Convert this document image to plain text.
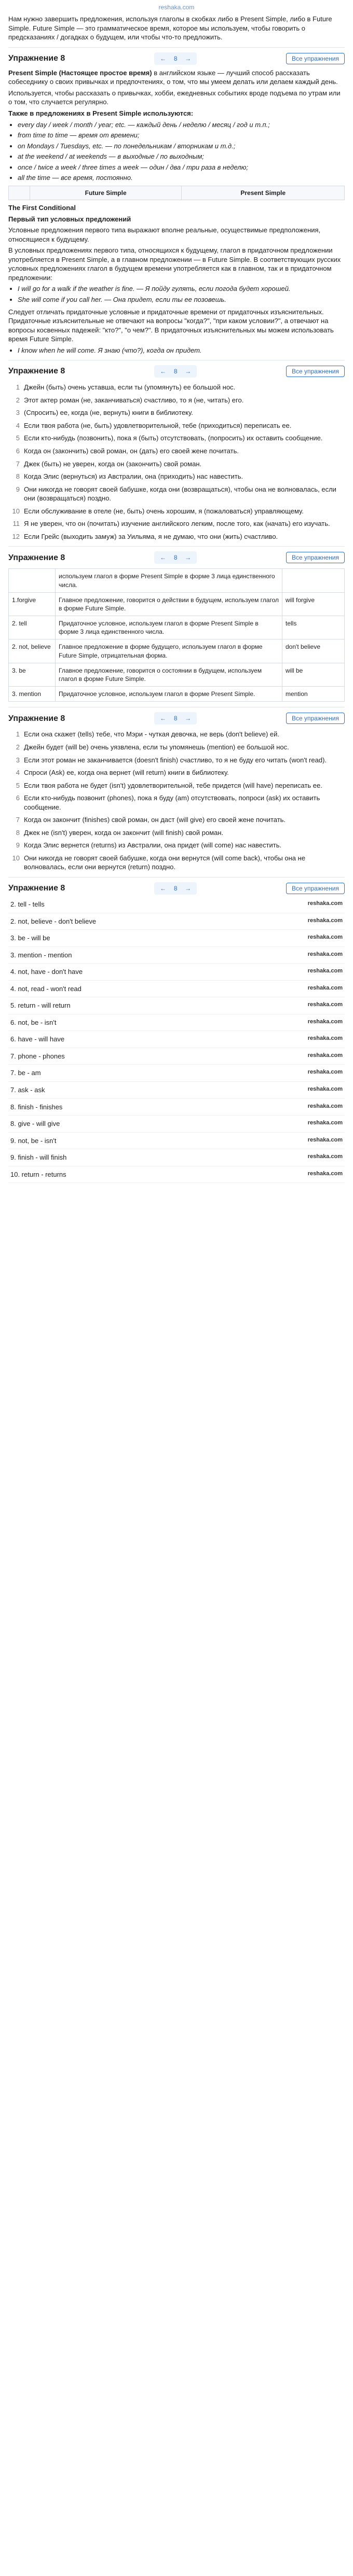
reshaka.com

Нам нужно завершить предложения, используя глаголы в скобках либо в Present Simple, либо в Future Simple. Future Simple — это грамматическое время, которое мы используем, чтобы говорить о предсказаниях / догадках о будущем, или чтобы что-то предложить.

Упражнение 8	←	8	→	Все упражнения

Present Simple (Настоящее простое время) в английском языке — лучший способ рассказать собеседнику о своих привычках и предпочтениях, о том, что мы умеем делать или делаем каждый день.

Используется, чтобы рассказать о привычках, хобби, ежедневных событиях вроде подъема по утрам или о том, что случается регулярно.

Также в предложениях в Present Simple используются:

• every day / week / month / year; etc. — каждый день / неделю / месяц / год и т.п.;
• from time to time — время от времени;
• on Mondays / Tuesdays, etc. — по понедельникам / вторникам и т.д.;
• at the weekend / at weekends — в выходные / по выходным;
• once / twice a week / three times a week — один / два / три раза в неделю;
• all the time — все время, постоянно.
	Future Simple	Present Simple

The First Conditional

Первый тип условных предложений

Условные предложения первого типа выражают вполне реальные, осуществимые предположения, относящиеся к будущему.

В условных предложениях первого типа, относящихся к будущему, глагол в придаточном предложении употребляется в Present Simple, а в главном предложении — в Future Simple. В соответствующих русских условных предложениях глагол в будущем времени употребляется как в главном, так и в придаточном предложении:

• I will go for a walk if the weather is fine. — Я пойду гулять, если погода будет хорошей.
• She will come if you call her. — Она придет, если ты ее позовешь.

Следует отличать придаточные условные и придаточные времени от придаточных изъяснительных. Придаточные изъяснительные не отвечают на вопросы "когда?", "при каком условии?", а отвечают на вопросы косвенных падежей: "кто?", "о чем?". В придаточных изъяснительных мы можем использовать время Future Simple.

• I know when he will come. Я знаю (что?), когда он придет.
Упражнение 8	←	8	→	Все упражнения
1 Джейн (быть) очень уставша, если ты (упомянуть) ее большой нос.
2 Этот актер роман (не, заканчиваться) счастливо, то я (не, читать) его.
3 (Спросить) ее, когда (не, вернуть) книги в библиотеку.
4 Если твоя работа (не, быть) удовлетворительной, тебе (приходиться) переписать ее.
5 Если кто-нибудь (позвонить), пока я (быть) отсутствовать, (попросить) их оставить сообщение.
6 Когда он (закончить) свой роман, он (дать) его своей жене почитать.
7 Джек (быть) не уверен, когда он (закончить) свой роман.
8 Когда Элис (вернуться) из Австралии, она (приходить) нас навестить.
9 Они никогда не говорят своей бабушке, когда они (возвращаться), чтобы она не волновалась, если они (возвращаться) поздно.
10 Если обслуживание в отеле (не, быть) очень хорошим, я (пожаловаться) управляющему.
11 Я не уверен, что он (почитать) изучение английского легким, после того, как (начать) его изучать.
12 Если Грейс (выходить замуж) за Уильяма, я не думаю, что они (жить) счастливо.
Упражнение 8	←	8	→	Все упражнения
	используем глагол в форме Present Simple в форме 3 лица единственного числа.	
1.forgive	Главное предложение, говорится о действии в будущем, используем глагол в форме Future Simple.	will forgive
2. tell	Придаточное условное, используем глагол в форме Present Simple в форме 3 лица единственного числа.	tells
2. not, believe	Главное предложение в форме будущего, используем глагол в форме Future Simple, отрицательная форма.	don't believe
3. be	Главное предложение, говорится о состоянии в будущем, используем глагол в форме Future Simple.	will be
3. mention	Придаточное условное, используем глагол в форме Present Simple.	mention
Упражнение 8	←	8	→	Все упражнения
1 Если она скажет (tells) тебе, что Мэри - чуткая девочка, не верь (don't believe) ей.
2 Джейн будет (will be) очень уязвлена, если ты упомянешь (mention) ее большой нос.
3 Если этот роман не заканчивается (doesn't finish) счастливо, то я не буду его читать (won't read).
4 Спроси (Ask) ее, когда она вернет (will return) книги в библиотеку.
5 Если твоя работа не будет (isn't) удовлетворительной, тебе придется (will have) переписать ее.
6 Если кто-нибудь позвонит (phones), пока я буду (am) отсутствовать, попроси (ask) их оставить сообщение.
7 Когда он закончит (finishes) свой роман, он даст (will give) его своей жене почитать.
8 Джек не (isn't) уверен, когда он закончит (will finish) свой роман.
9 Когда Элис вернется (returns) из Австралии, она придет (will come) нас навестить.
10 Они никогда не говорят своей бабушке, когда они вернутся (will come back), чтобы она не волновалась, если они вернутся (return) поздно.
Упражнение 8	←	8	→	Все упражнения
2. tell - tells	reshaka.com
2. not, believe - don't believe	reshaka.com
3. be - will be	reshaka.com
3. mention - mention	reshaka.com
4. not, have - don't have	reshaka.com
4. not, read - won't read	reshaka.com
5. return - will return	reshaka.com
6. not, be - isn't	reshaka.com
6. have - will have	reshaka.com
7. phone - phones	reshaka.com
7. be - am	reshaka.com
7. ask - ask	reshaka.com
8. finish - finishes	reshaka.com
8. give - will give	reshaka.com
9. not, be - isn't	reshaka.com
9. finish - will finish	reshaka.com
10. return - returns	reshaka.com
